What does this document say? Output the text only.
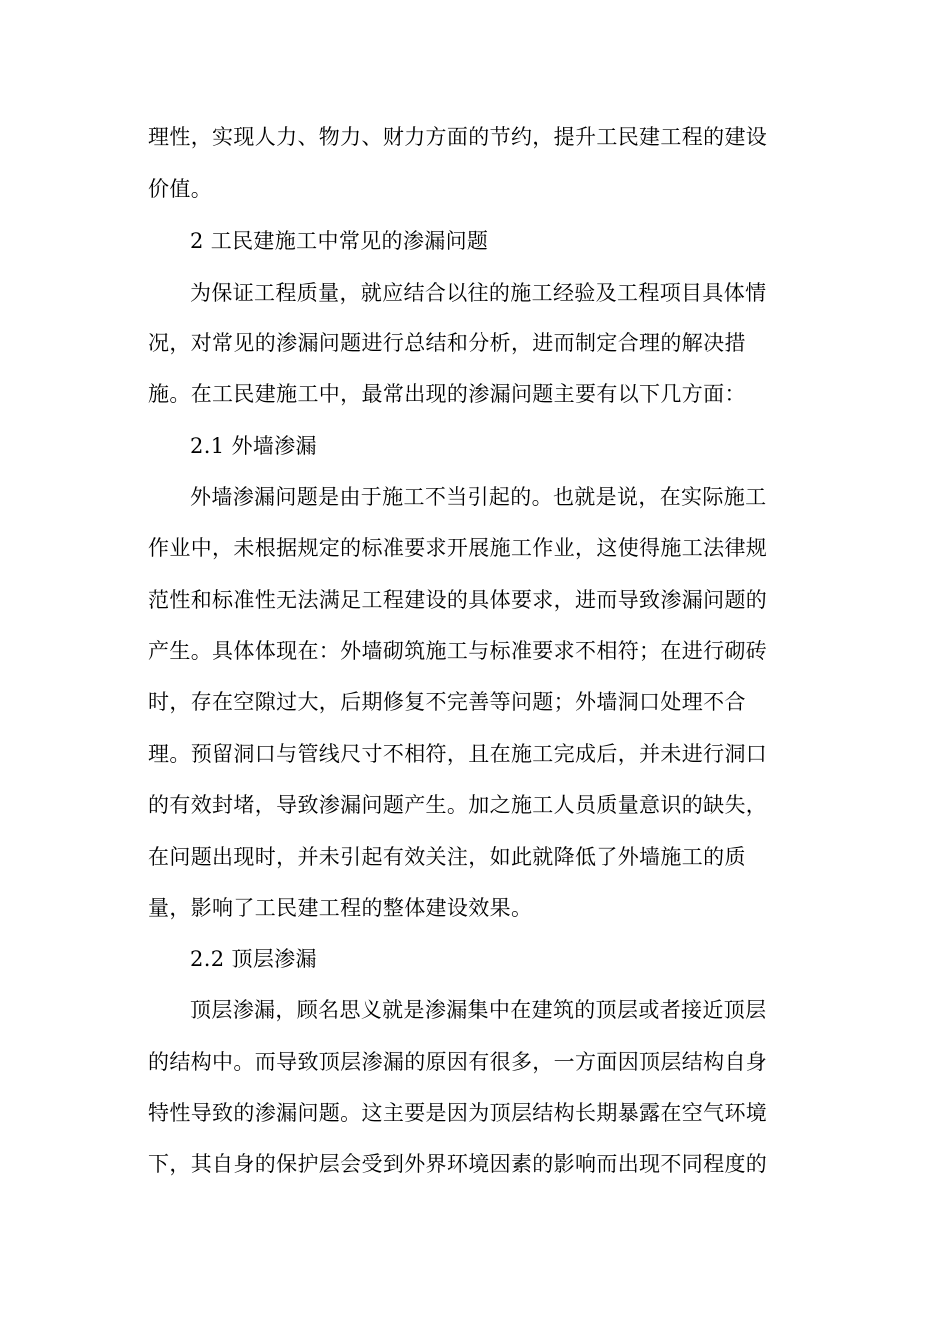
理性，实现人力、物力、财力方面的节约，提升工民建工程的建设
价值。
2 工民建施工中常见的渗漏问题
为保证工程质量，就应结合以往的施工经验及工程项目具体情
况，对常见的渗漏问题进行总结和分析，进而制定合理的解决措
施。在工民建施工中，最常出现的渗漏问题主要有以下几方面：
2.1 外墙渗漏
外墙渗漏问题是由于施工不当引起的。也就是说，在实际施工
作业中，未根据规定的标准要求开展施工作业，这使得施工法律规
范性和标准性无法满足工程建设的具体要求，进而导致渗漏问题的
产生。具体体现在：外墙砌筑施工与标准要求不相符；在进行砌砖
时，存在空隙过大，后期修复不完善等问题；外墙洞口处理不合
理。预留洞口与管线尺寸不相符，且在施工完成后，并未进行洞口
的有效封堵，导致渗漏问题产生。加之施工人员质量意识的缺失，
在问题出现时，并未引起有效关注，如此就降低了外墙施工的质
量，影响了工民建工程的整体建设效果。
2.2 顶层渗漏
顶层渗漏，顾名思义就是渗漏集中在建筑的顶层或者接近顶层
的结构中。而导致顶层渗漏的原因有很多，一方面因顶层结构自身
特性导致的渗漏问题。这主要是因为顶层结构长期暴露在空气环境
下，其自身的保护层会受到外界环境因素的影响而出现不同程度的
